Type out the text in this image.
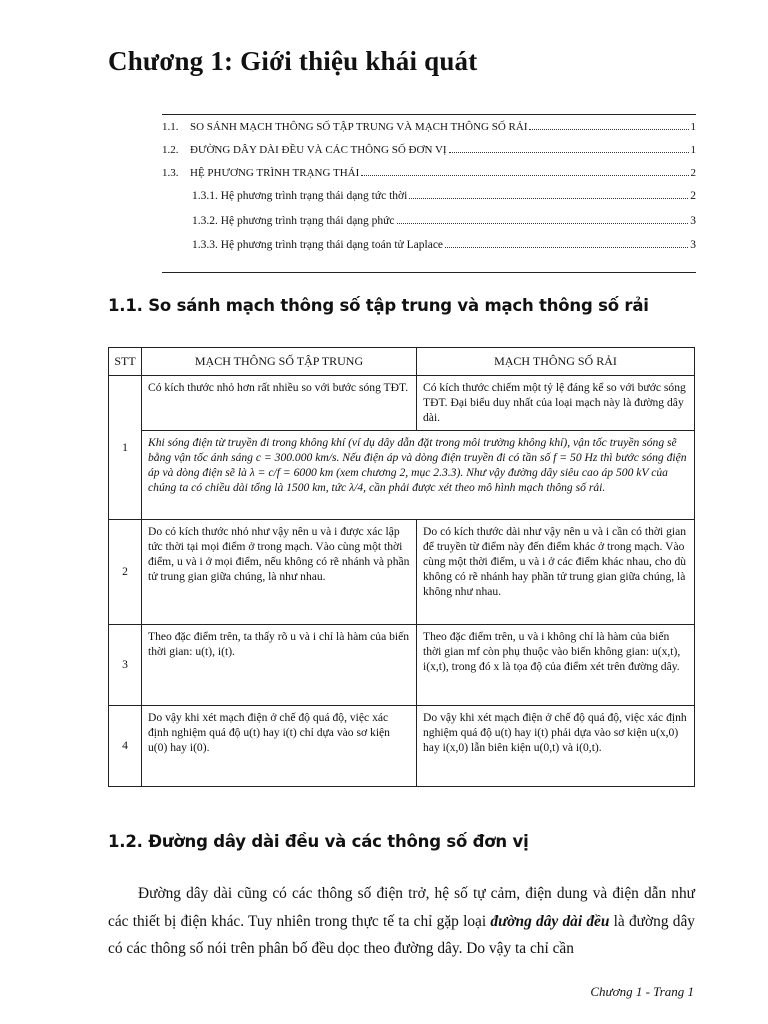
Chương 1: Giới thiệu khái quát
1.1.	SO SÁNH MẠCH THÔNG SỐ TẬP TRUNG VÀ MẠCH THÔNG SỐ RẢI	1
1.2.	ĐƯỜNG DÂY DÀI ĐỀU VÀ CÁC THÔNG SỐ ĐƠN VỊ	1
1.3.	HỆ PHƯƠNG TRÌNH TRẠNG THÁI	2
1.3.1. Hệ phương trình trạng thái dạng tức thời	2
1.3.2. Hệ phương trình trạng thái dạng phức	3
1.3.3. Hệ phương trình trạng thái dạng toán tử Laplace	3
1.1. So sánh mạch thông số tập trung và mạch thông số rải
STT	MẠCH THÔNG SỐ TẬP TRUNG	MẠCH THÔNG SỐ RẢI
1	Có kích thước nhỏ hơn rất nhiều so với bước sóng TĐT.	Có kích thước chiếm một tỷ lệ đáng kể so với bước sóng TĐT. Đại biểu duy nhất của loại mạch này là đường dây dài.
	Khi sóng điện từ truyền đi trong không khí (ví dụ dây dẫn đặt trong môi trường không khí), vận tốc truyền sóng sẽ bằng vận tốc ánh sáng c = 300.000 km/s. Nếu điện áp và dòng điện truyền đi có tần số f = 50 Hz thì bước sóng điện áp và dòng điện sẽ là λ = c/f = 6000 km (xem chương 2, mục 2.3.3). Như vậy đường dây siêu cao áp 500 kV của chúng ta có chiều dài tổng là 1500 km, tức λ/4, cần phải được xét theo mô hình mạch thông số rải.	
2	Do có kích thước nhỏ như vậy nên u và i được xác lập tức thời tại mọi điểm ở trong mạch. Vào cùng một thời điểm, u và i ở mọi điểm, nếu không có rẽ nhánh và phần tử trung gian giữa chúng, là như nhau.	Do có kích thước dài như vậy nên u và i cần có thời gian để truyền từ điểm này đến điểm khác ở trong mạch. Vào cùng một thời điểm, u và i ở các điểm khác nhau, cho dù không có rẽ nhánh hay phần tử trung gian giữa chúng, là không như nhau.
3	Theo đặc điểm trên, ta thấy rõ u và i chỉ là hàm của biến thời gian: u(t), i(t).	Theo đặc điểm trên, u và i không chỉ là hàm của biến thời gian mf còn phụ thuộc vào biến không gian: u(x,t), i(x,t), trong đó x là tọa độ của điểm xét trên đường dây.
4	Do vậy khi xét mạch điện ở chế độ quá độ, việc xác định nghiệm quá độ u(t) hay i(t) chỉ dựa vào sơ kiện u(0) hay i(0).	Do vậy khi xét mạch điện ở chế độ quá độ, việc xác định nghiệm quá độ u(t) hay i(t) phải dựa vào sơ kiện u(x,0) hay i(x,0) lẫn biên kiện u(0,t) và i(0,t).
1.2. Đường dây dài đều và các thông số đơn vị

Đường dây dài cũng có các thông số điện trở, hệ số tự cảm, điện dung và điện dẫn như các thiết bị điện khác. Tuy nhiên trong thực tế ta chỉ gặp loại đường dây dài đều là đường dây có các thông số nói trên phân bố đều dọc theo đường dây. Do vậy ta chỉ cần

Chương 1 - Trang 1
